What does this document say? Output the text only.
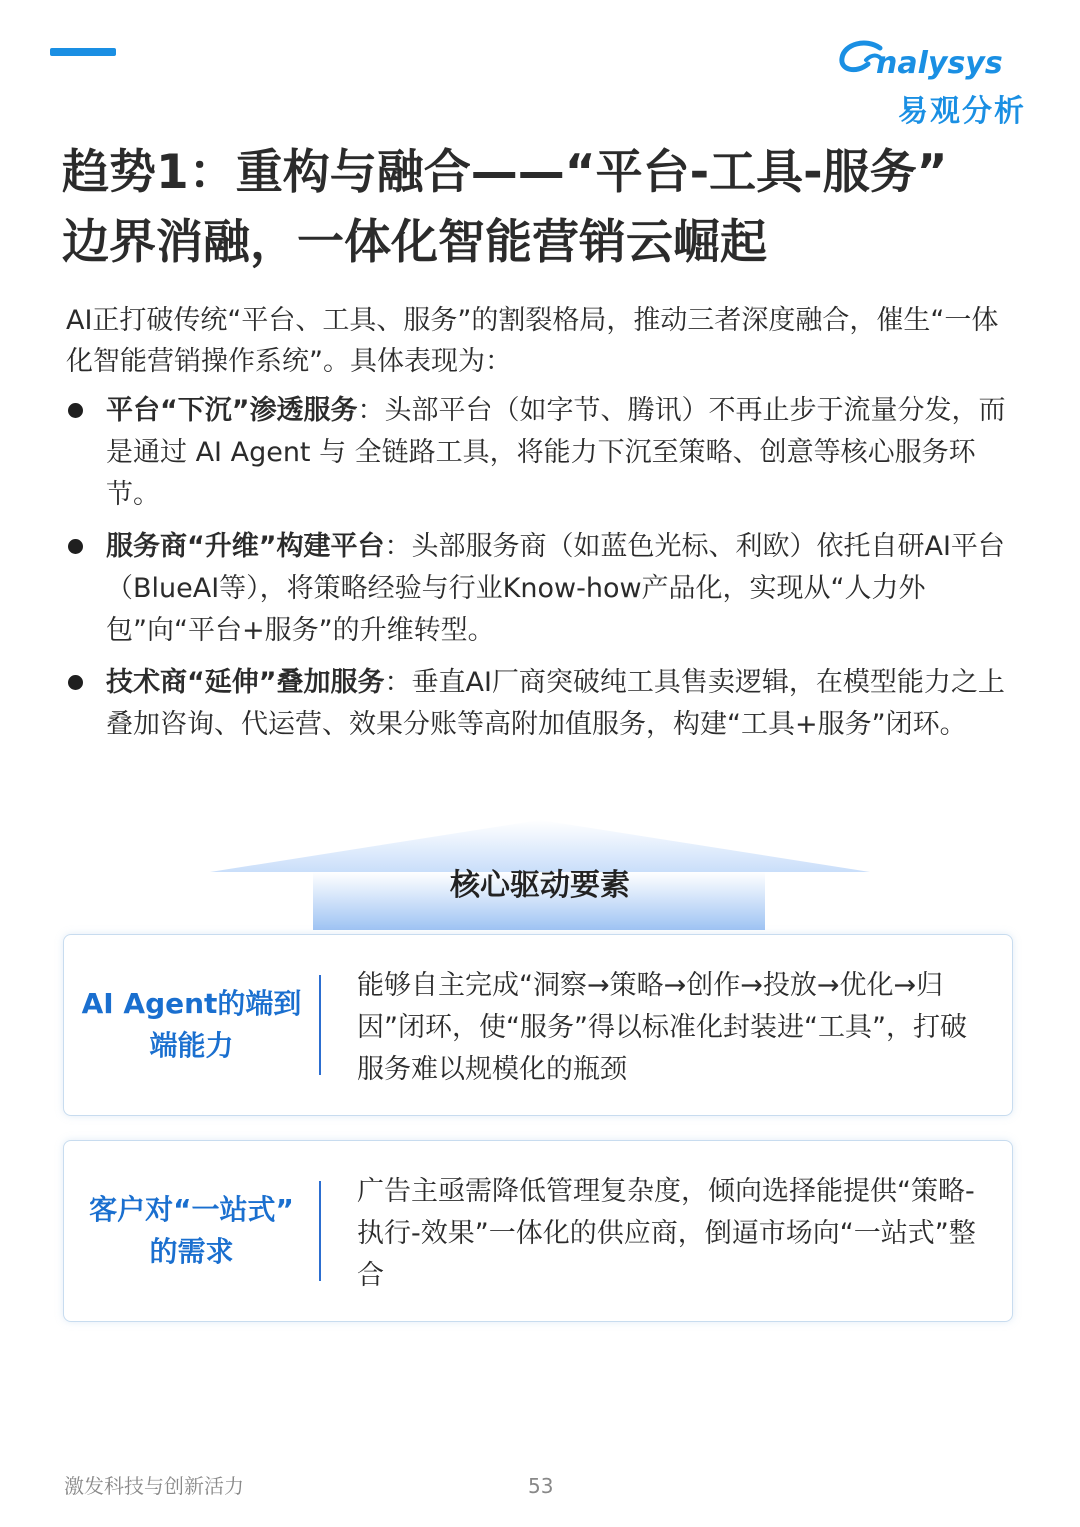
nalysys
易观分析
趋势1：重构与融合——“平台-工具-服务”
边界消融，一体化智能营销云崛起
AI正打破传统“平台、工具、服务”的割裂格局，推动三者深度融合，催生“一体化智能营销操作系统”。具体表现为：
平台“下沉”渗透服务：头部平台（如字节、腾讯）不再止步于流量分发，而是通过 AI Agent 与 全链路工具，将能力下沉至策略、创意等核心服务环节。
服务商“升维”构建平台：头部服务商（如蓝色光标、利欧）依托自研AI平台（BlueAI等），将策略经验与行业Know-how产品化，实现从“人力外包”向“平台+服务”的升维转型。
技术商“延伸”叠加服务：垂直AI厂商突破纯工具售卖逻辑，在模型能力之上叠加咨询、代运营、效果分账等高附加值服务，构建“工具+服务”闭环。
核心驱动要素
AI Agent的端到
端能力
能够自主完成“洞察→策略→创作→投放→优化→归因”闭环，使“服务”得以标准化封装进“工具”，打破服务难以规模化的瓶颈
客户对“一站式”
的需求
广告主亟需降低管理复杂度，倾向选择能提供“策略-执行-效果”一体化的供应商，倒逼市场向“一站式”整合
激发科技与创新活力	53
